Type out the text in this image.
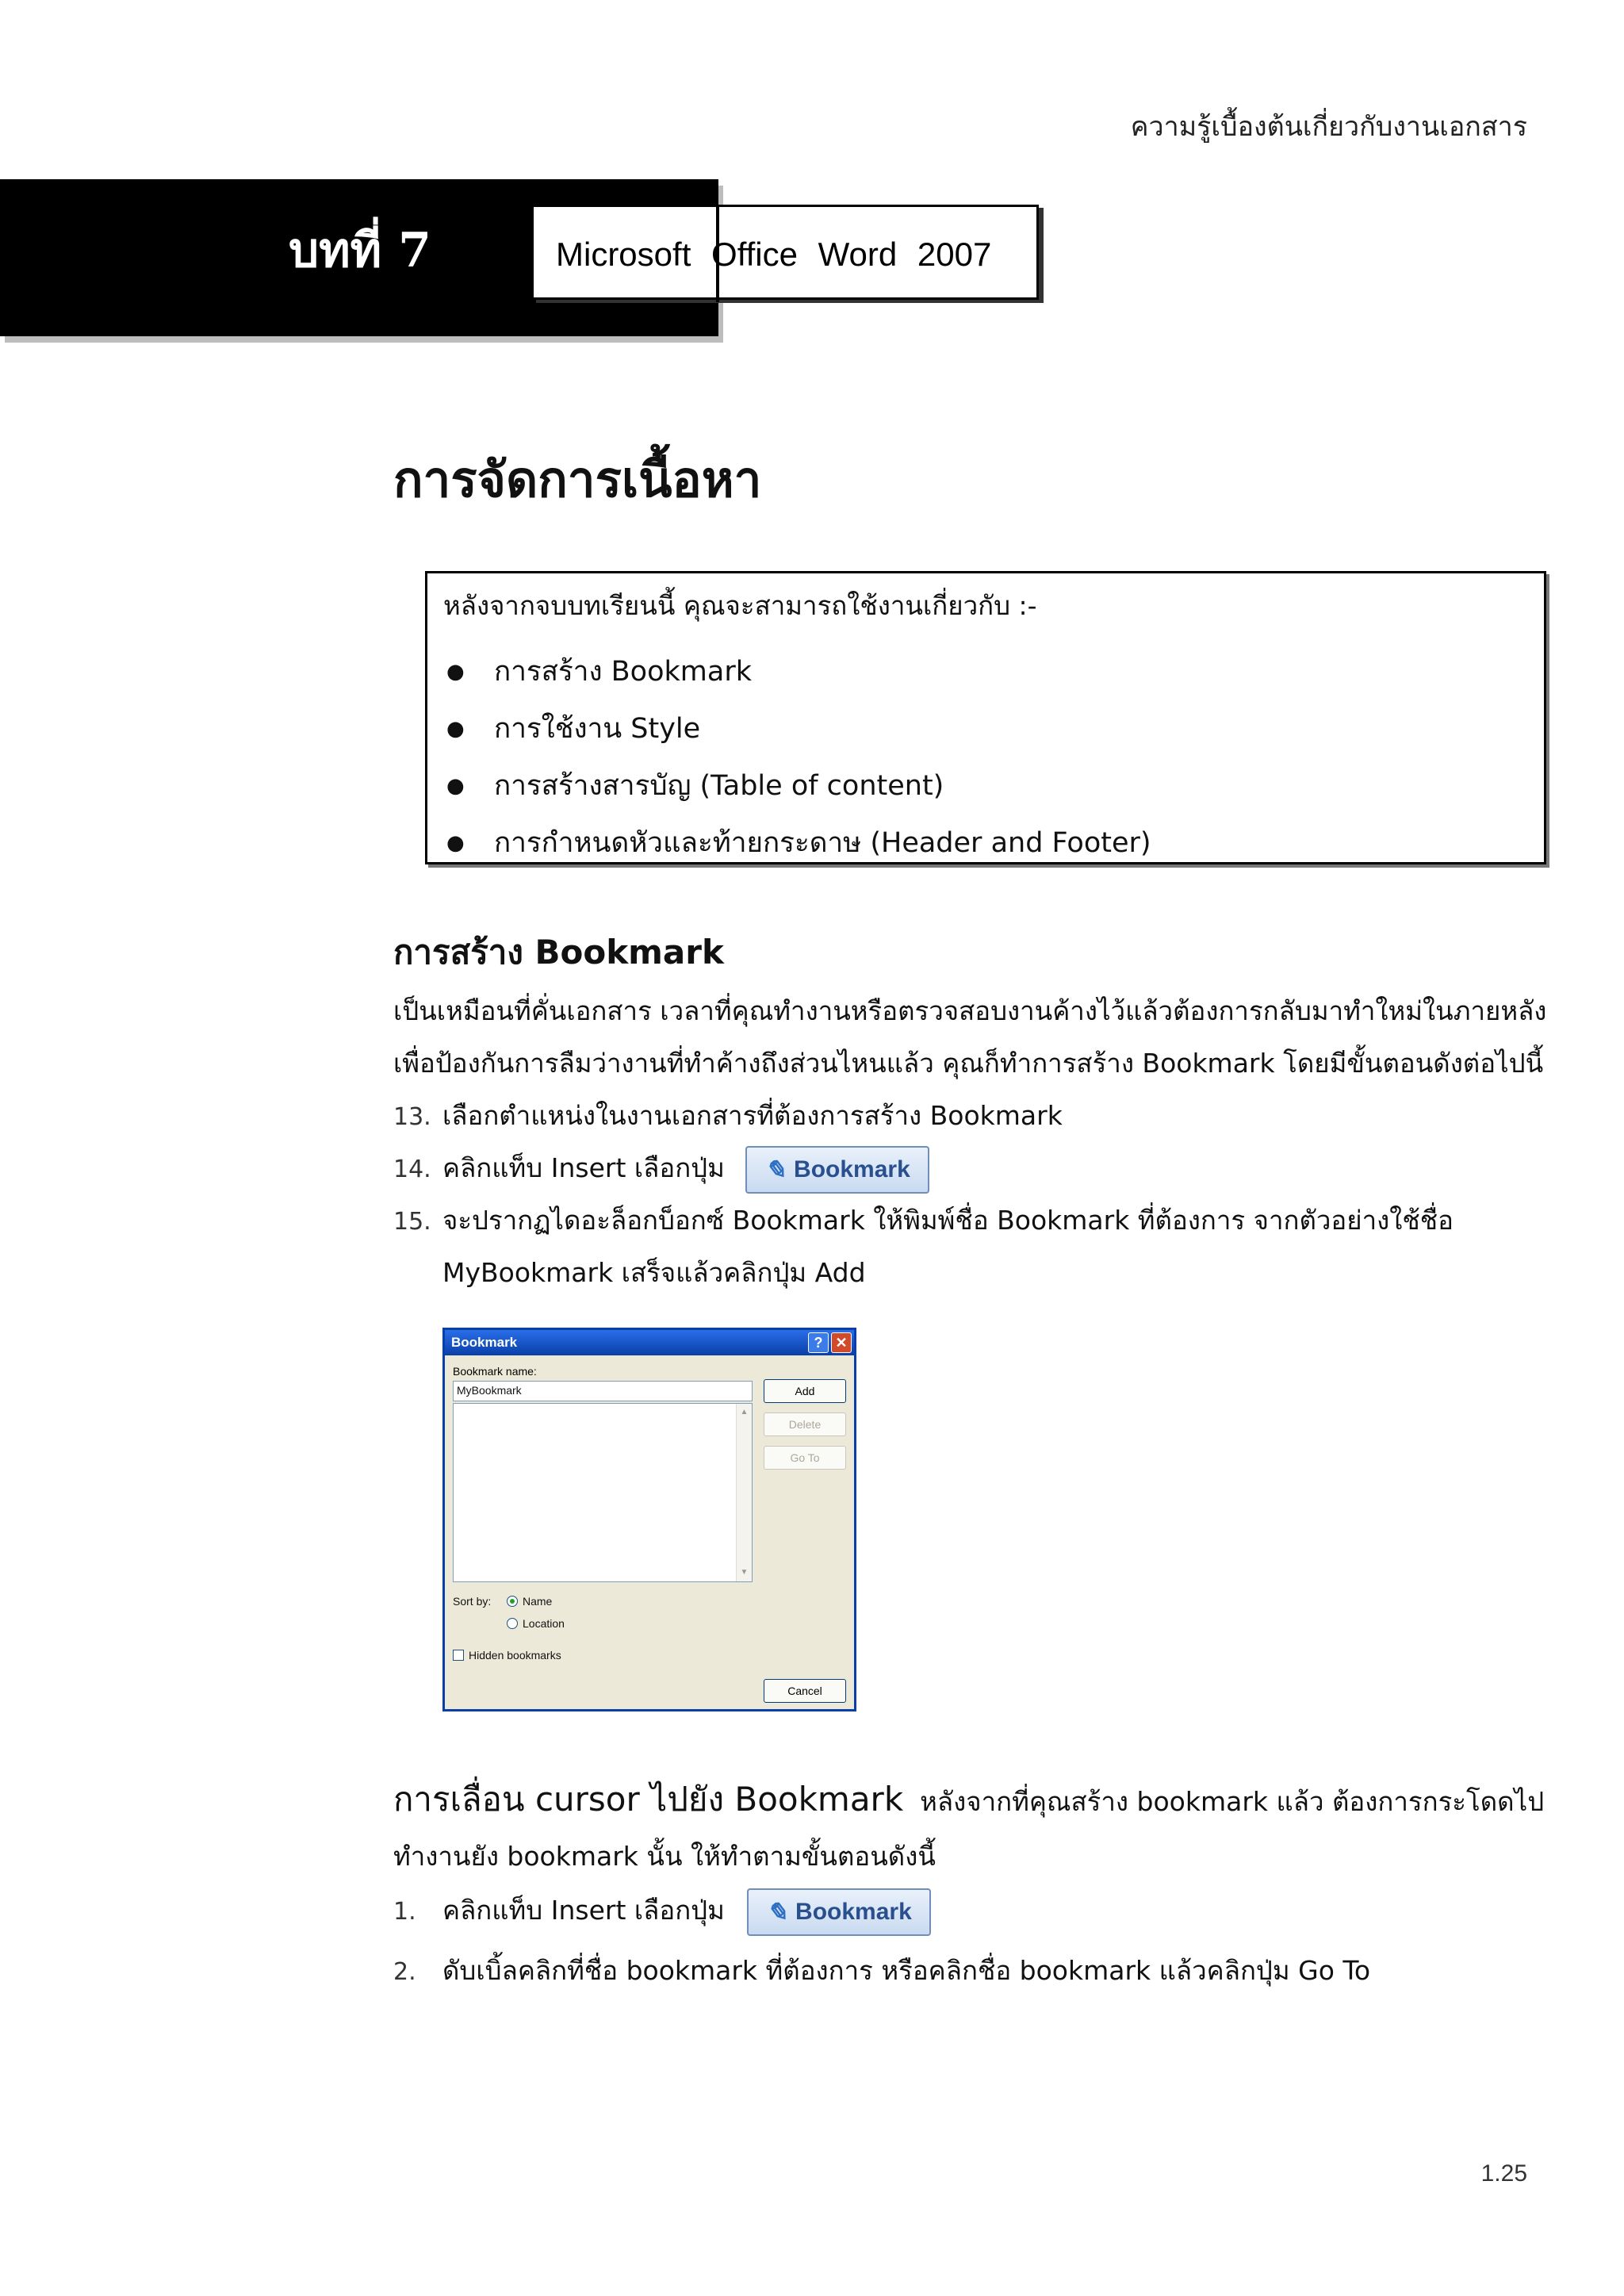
ความรู้เบื้องต้นเกี่ยวกับงานเอกสาร
บทที่ 7	Microsoft Office Word 2007
การจัดการเนื้อหา
หลังจากจบบทเรียนนี้ คุณจะสามารถใช้งานเกี่ยวกับ :-
● การสร้าง Bookmark
● การใช้งาน Style
● การสร้างสารบัญ (Table of content)
● การกำหนดหัวและท้ายกระดาษ (Header and Footer)
การสร้าง Bookmark

เป็นเหมือนที่คั่นเอกสาร เวลาที่คุณทำงานหรือตรวจสอบงานค้างไว้แล้วต้องการกลับมาทำใหม่ในภายหลัง เพื่อป้องกันการลืมว่างานที่ทำค้างถึงส่วนไหนแล้ว คุณก็ทำการสร้าง Bookmark โดยมีขั้นตอนดังต่อไปนี้

13. เลือกตำแหน่งในงานเอกสารที่ต้องการสร้าง Bookmark
14. คลิกแท็บ Insert เลือกปุ่ม ✎ Bookmark
15. จะปรากฏไดอะล็อกบ็อกซ์ Bookmark ให้พิมพ์ชื่อ Bookmark ที่ต้องการ จากตัวอย่างใช้ชื่อ
MyBookmark เสร็จแล้วคลิกปุ่ม Add
Bookmark	? ✕
Bookmark name:
MyBookmark
▲
▼
Add
Delete
Go To
Sort by:	Name
Location
Hidden bookmarks
Cancel
การเลื่อน cursor ไปยัง Bookmark หลังจากที่คุณสร้าง bookmark แล้ว ต้องการกระโดดไป
ทำงานยัง bookmark นั้น ให้ทำตามขั้นตอนดังนี้
1. คลิกแท็บ Insert เลือกปุ่ม ✎ Bookmark
2. ดับเบิ้ลคลิกที่ชื่อ bookmark ที่ต้องการ หรือคลิกชื่อ bookmark แล้วคลิกปุ่ม Go To
1.25
